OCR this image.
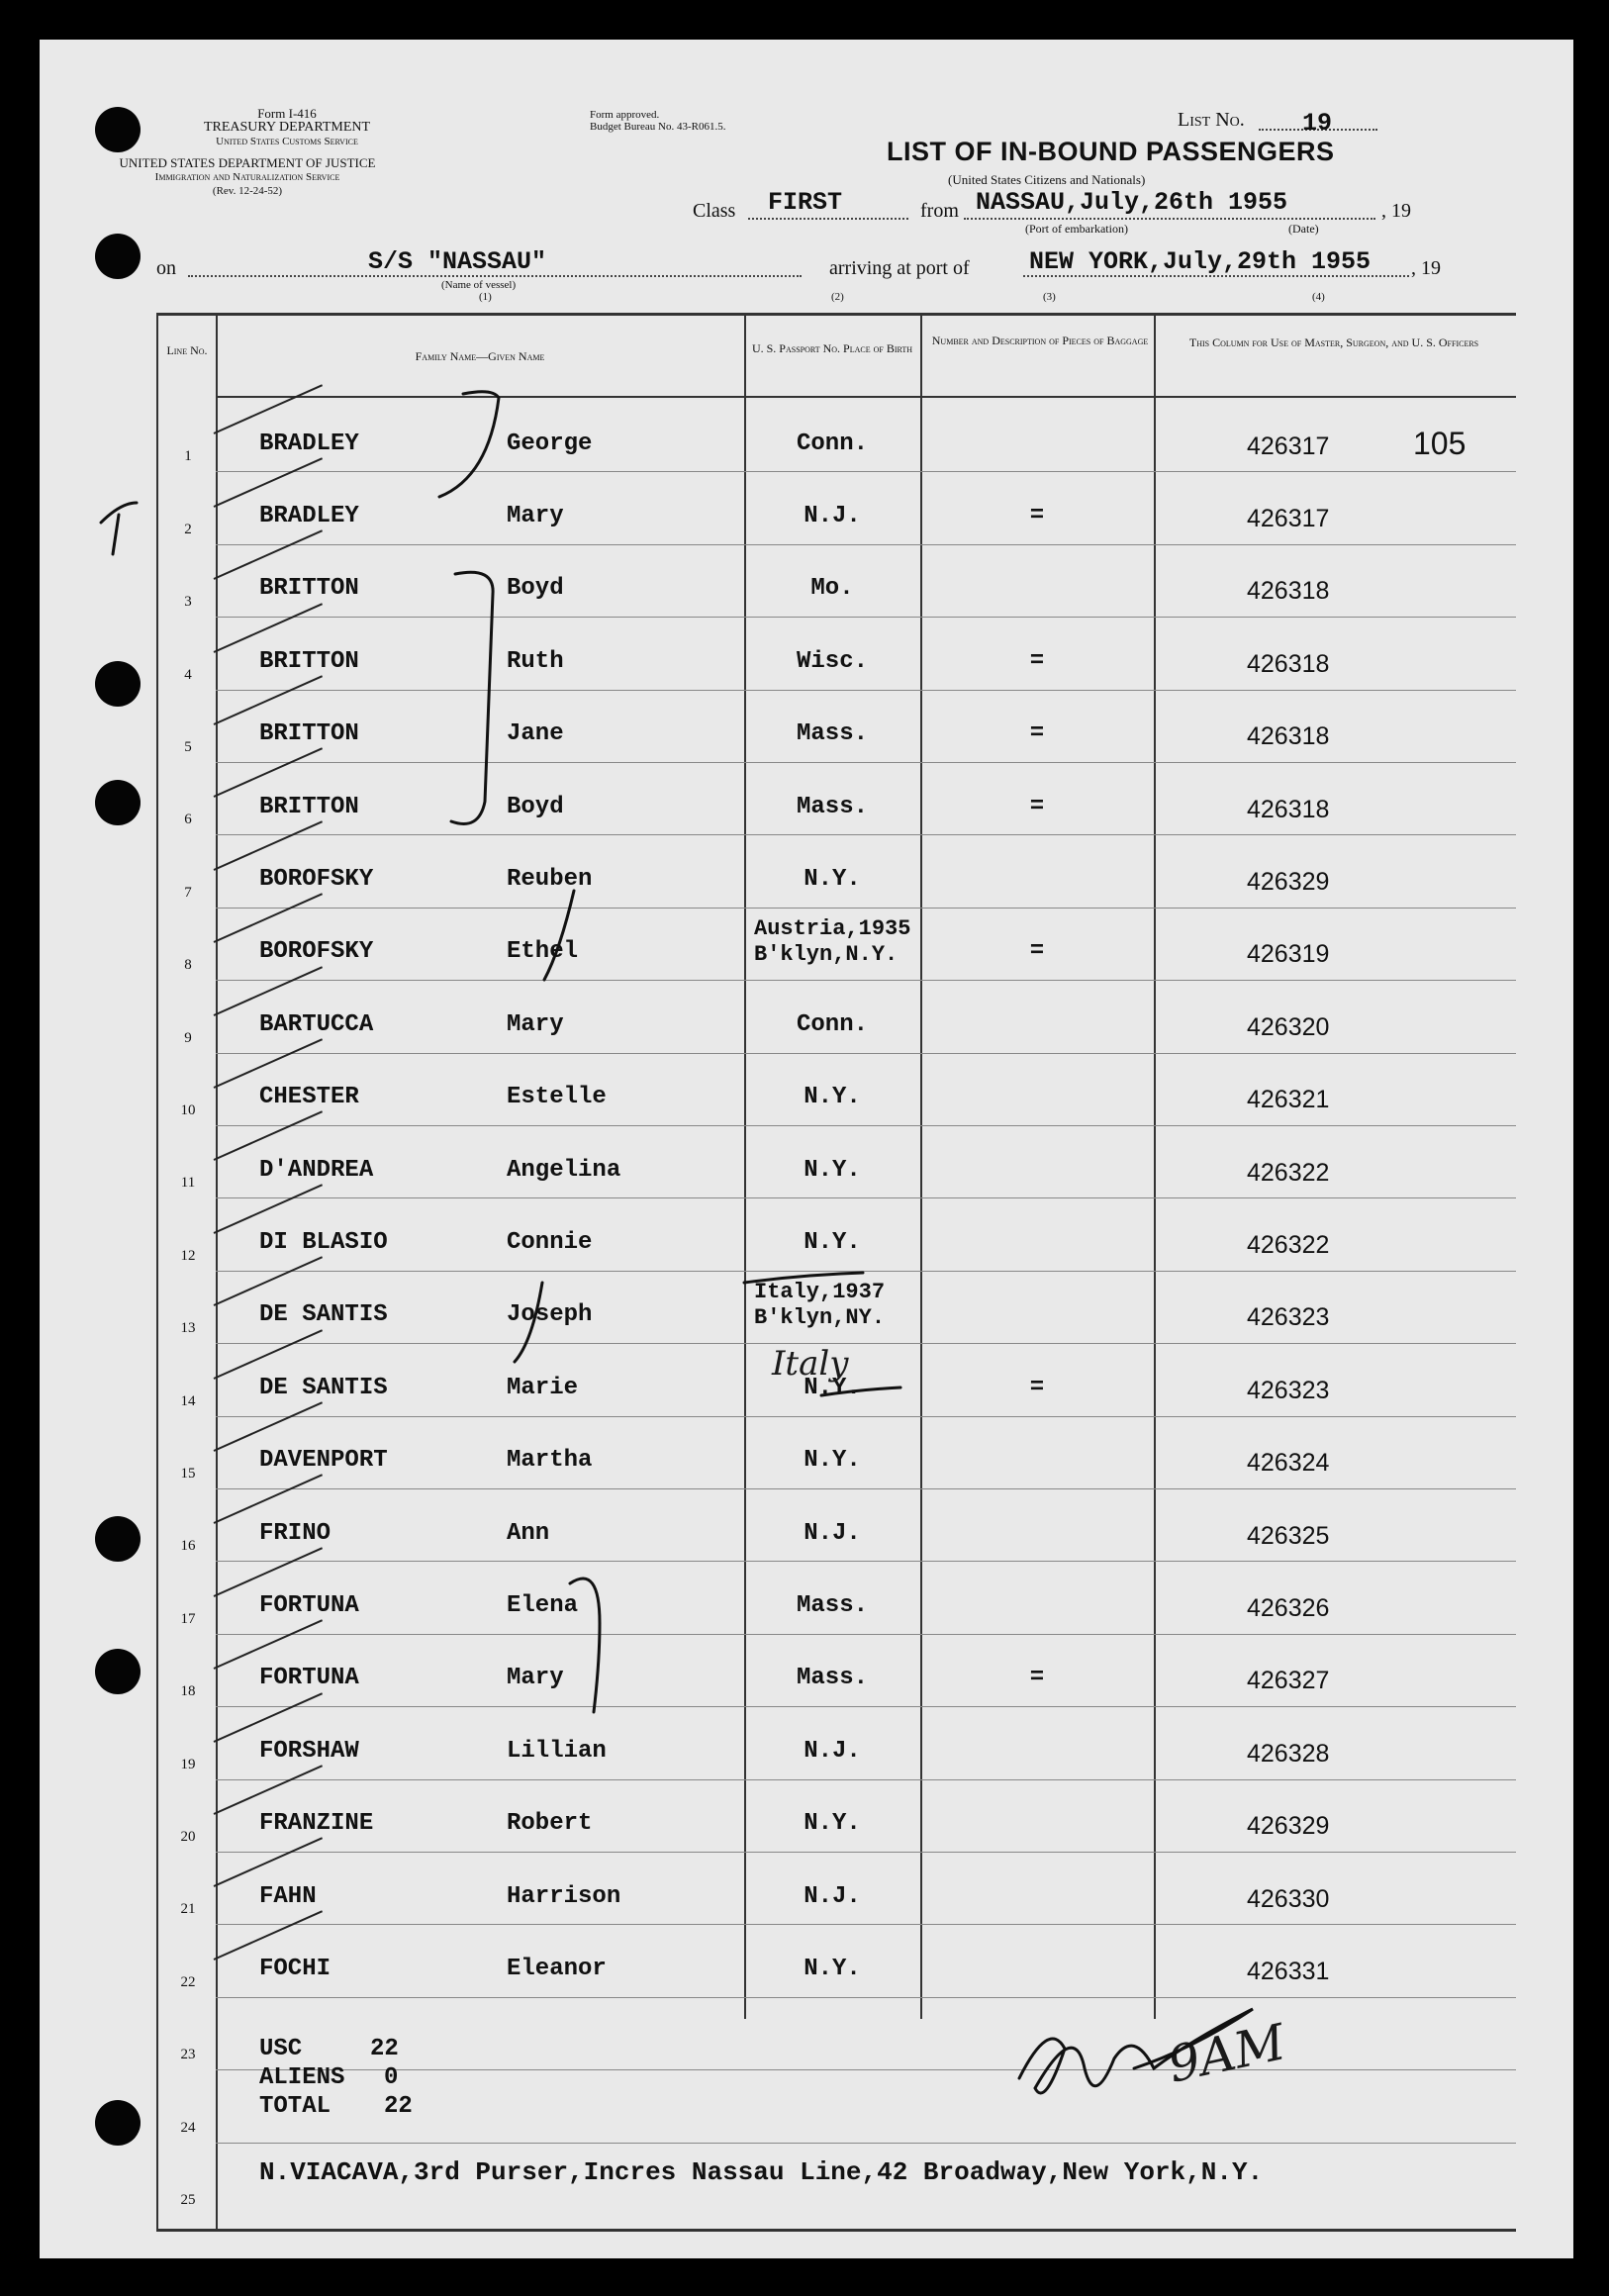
Form I-416
TREASURY DEPARTMENT
United States Customs Service
UNITED STATES DEPARTMENT OF JUSTICE
Immigration and Naturalization Service
(Rev. 12-24-52)
Form approved.
Budget Bureau No. 43-R061.5.	List No. 19
LIST OF IN-BOUND PASSENGERS
(United States Citizens and Nationals)
Class FIRST	from NASSAU,July,26th 1955
(Port of embarkation)	(Date)
, 19
on	S/S "NASSAU"
(Name of vessel)
(1)
arriving at port of NEW YORK,July,29th 1955 , 19
(2)	(3)	(4)
Line No.	Family Name—Given Name
U. S. Passport No. Place of Birth
Number and Description of Pieces of Baggage	This Column for Use of Master, Surgeon, and U. S. Officers
1	BRADLEY	George	Conn.	426317
2	BRADLEY	Mary	N.J.	=	426317
3	BRITTON	Boyd	Mo.	426318
4	BRITTON	Ruth	Wisc.	=	426318
5	BRITTON	Jane	Mass.	=	426318
6	BRITTON	Boyd	Mass.	=	426318
7	BOROFSKY	Reuben	N.Y.	426329
8	BOROFSKY	Ethel
Austria,1935
B'klyn,N.Y.	=	426319
9	BARTUCCA	Mary	Conn.	426320
10	CHESTER	Estelle	N.Y.	426321
11	D'ANDREA	Angelina	N.Y.	426322
12	DI BLASIO	Connie	N.Y.	426322
13	DE SANTIS	Joseph
Italy,1937
B'klyn,NY.	426323
14	DE SANTIS	Marie	N.Y.	=	426323
15	DAVENPORT	Martha	N.Y.	426324
16	FRINO	Ann	N.J.	426325
17	FORTUNA	Elena	Mass.	426326
18	FORTUNA	Mary	Mass.	=	426327
19	FORSHAW	Lillian	N.J.	426328
20	FRANZINE	Robert	N.Y.	426329
21	FAHN	Harrison	N.J.	426330
22	FOCHI	Eleanor	N.Y.	426331
23
24
25
105
USC	22
ALIENS 0
TOTAL 22
N.VIACAVA,3rd Purser,Incres Nassau Line,42 Broadway,New York,N.Y.
Italy
9AM
